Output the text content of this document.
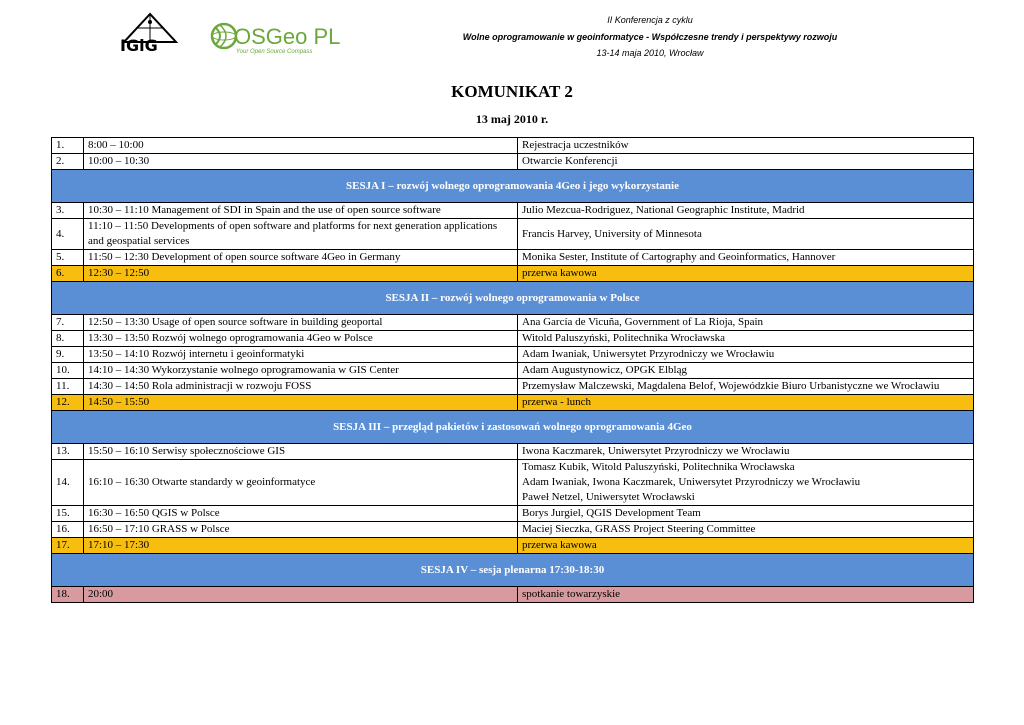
IGiG	OSGeo PL
Your Open Source Compass
II Konferencja z cyklu
Wolne oprogramowanie w geoinformatyce - Współczesne trendy i perspektywy rozwoju
13-14 maja 2010, Wrocław
KOMUNIKAT 2
13 maj 2010 r.
1.	8:00 – 10:00	Rejestracja uczestników
2.	10:00 – 10:30	Otwarcie Konferencji
SESJA I – rozwój wolnego oprogramowania 4Geo i jego wykorzystanie		
3.	10:30 – 11:10 Management of SDI in Spain and the use of open source software	Julio Mezcua-Rodriguez, National Geographic Institute, Madrid
4.	11:10 – 11:50 Developments of open software and platforms for next generation applications and geospatial services	Francis Harvey, University of Minnesota
5.	11:50 – 12:30 Development of open source software 4Geo in Germany	Monika Sester, Institute of Cartography and Geoinformatics, Hannover
6.	12:30 – 12:50	przerwa kawowa
SESJA II – rozwój wolnego oprogramowania w Polsce		
7.	12:50 – 13:30 Usage of open source software in building geoportal	Ana García de Vicuña, Government of La Rioja, Spain
8.	13:30 – 13:50 Rozwój wolnego oprogramowania 4Geo w Polsce	Witold Paluszyński, Politechnika Wrocławska
9.	13:50 – 14:10 Rozwój internetu i geoinformatyki	Adam Iwaniak, Uniwersytet Przyrodniczy we Wrocławiu
10.	14:10 – 14:30 Wykorzystanie wolnego oprogramowania w GIS Center	Adam Augustynowicz, OPGK Elbląg
11.	14:30 – 14:50 Rola administracji w rozwoju FOSS	Przemysław Malczewski, Magdalena Belof, Wojewódzkie Biuro Urbanistyczne we Wrocławiu
12.	14:50 – 15:50	przerwa - lunch
SESJA III – przegląd pakietów i zastosowań wolnego oprogramowania 4Geo		
13.	15:50 – 16:10 Serwisy społecznościowe GIS	Iwona Kaczmarek, Uniwersytet Przyrodniczy we Wrocławiu
14.	16:10 – 16:30 Otwarte standardy w geoinformatyce	Tomasz Kubik, Witold Paluszyński, Politechnika Wrocławska
Adam Iwaniak, Iwona Kaczmarek, Uniwersytet Przyrodniczy we Wrocławiu
Paweł Netzel, Uniwersytet Wrocławski

15.	16:30 – 16:50 QGIS w Polsce	Borys Jurgiel, QGIS Development Team
16.	16:50 – 17:10 GRASS w Polsce	Maciej Sieczka, GRASS Project Steering Committee
17.	17:10 – 17:30	przerwa kawowa
SESJA IV – sesja plenarna 17:30-18:30		
18.	20:00	spotkanie towarzyskie
